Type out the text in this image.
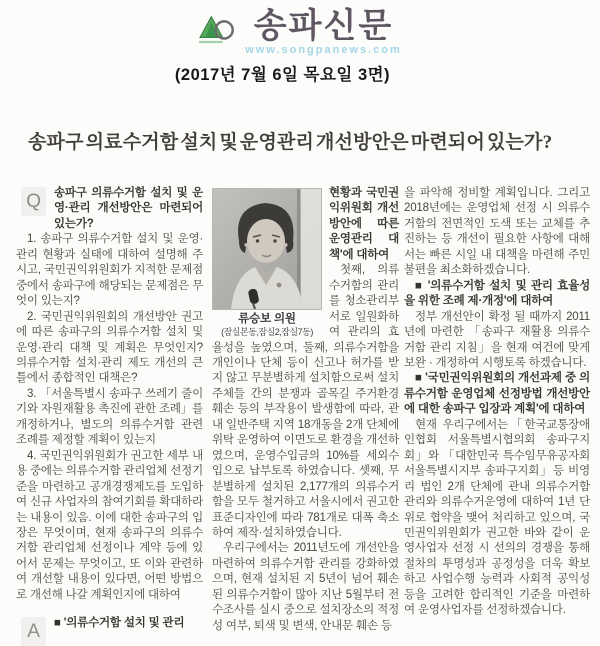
송파신문
www.songpanews.com
(2017년 7월 6일 목요일 3면)
송파구 의료수거함 설치 및 운영관리 개선방안은 마련되어 있는가?
Q	송파구 의류수거함 설치 및 운영·관리 개선방안은 마련되어 있는가?

1. 송파구 의류수거함 설치 및 운영·관리 현황과 실태에 대하여 설명해 주시고, 국민권익위원회가 지적한 문제점 중에서 송파구에 해당되는 문제점은 무엇이 있는지?

2. 국민권익위원회의 개선방안 권고에 따른 송파구의 의류수거함 설치 및 운영·관리 대책 및 계획은 무엇인지? 의류수거함 설치·관리 제도 개선의 큰 틀에서 종합적인 대책은?

3. 「서울특별시 송파구 쓰레기 줄이기와 자원재활용 촉진에 관한 조례」를 개정하거나, 별도의 의류수거함 관련 조례를 제정할 계획이 있는지

4. 국민권익위원회가 권고한 세부 내용 중에는 의류수거함 관리업체 선정기준을 마련하고 공개경쟁제도를 도입하여 신규 사업자의 참여기회를 확대하라는 내용이 있음. 이에 대한 송파구의 입장은 무엇이며, 현재 송파구의 의류수거함 관리업체 선정이나 계약 등에 있어서 문제는 무엇이고, 또 이와 관련하여 개선할 내용이 있다면, 어떤 방법으로 개선해 나갈 계획인지에 대하여

A	■ '의류수거함 설치 및 관리
류승보 의원
(잠실본동,잠실2,잠실7동)

현황과 국민권익위원회 개선방안에 따른 운영관리 대책'에 대하여

첫째, 의류수거함의 관리를 청소관리부서로 일원화하여 관리의 효율성을 높였으며, 둘째, 의류수거함을 개인이나 단체 등이 신고나 허가를 받지 않고 무분별하게 설치함으로써 설치주체들 간의 분쟁과 골목길 주거환경 훼손 등의 부작용이 발생함에 따라, 관내 일반주택 지역 18개동을 2개 단체에 위탁 운영하여 이면도로 환경을 개선하였으며, 운영수입금의 10%를 세외수입으로 납부토록 하였습니다. 셋째, 무분별하게 설치된 2,177개의 의류수거함을 모두 철거하고 서울시에서 권고한 표준디자인에 따라 781개로 대폭 축소하여 제작·설치하였습니다.

우리구에서는 2011년도에 개선안을 마련하여 의류수거함 관리를 강화하였으며, 현재 설치된 지 5년이 넘어 훼손된 의류수거함이 많아 지난 5월부터 전수조사를 실시 중으로 설치장소의 적정성 여부, 퇴색 및 변색, 안내문 훼손 등

을 파악해 정비할 계획입니다. 그리고 2018년에는 운영업체 선정 시 의류수거함의 전면적인 도색 또는 교체를 추진하는 등 개선이 필요한 사항에 대해서는 빠른 시일 내 대책을 마련해 주민불편을 최소화하겠습니다.

■ '의류수거함 설치 및 관리 효율성을 위한 조례 제·개정'에 대하여

정부 개선안이 확정 될 때까지 2011년에 마련한 「송파구 재활용 의류수거함 관리 지침」을 현재 여건에 맞게 보완 · 개정하여 시행토록 하겠습니다.

■ '국민권익위원회의 개선과제 중 의류수거함 운영업체 선정방법 개선방안에 대한 송파구 입장과 계획'에 대하여

현재 우리구에서는「한국교통장애인협회 서울특별시협의회 송파구지회」와 「대한민국 특수임무유공자회 서울특별시지부 송파구지회」등 비영리 법인 2개 단체에 관내 의류수거함 관리와 의류수거운영에 대하여 1년 단위로 협약을 맺어 처리하고 있으며, 국민권익위원회가 권고한 바와 같이 운영사업자 선정 시 선의의 경쟁을 통해 절차의 투명성과 공정성을 더욱 확보하고 사업수행 능력과 사회적 공익성 등을 고려한 합리적인 기준을 마련하여 운영사업자를 선정하겠습니다.
